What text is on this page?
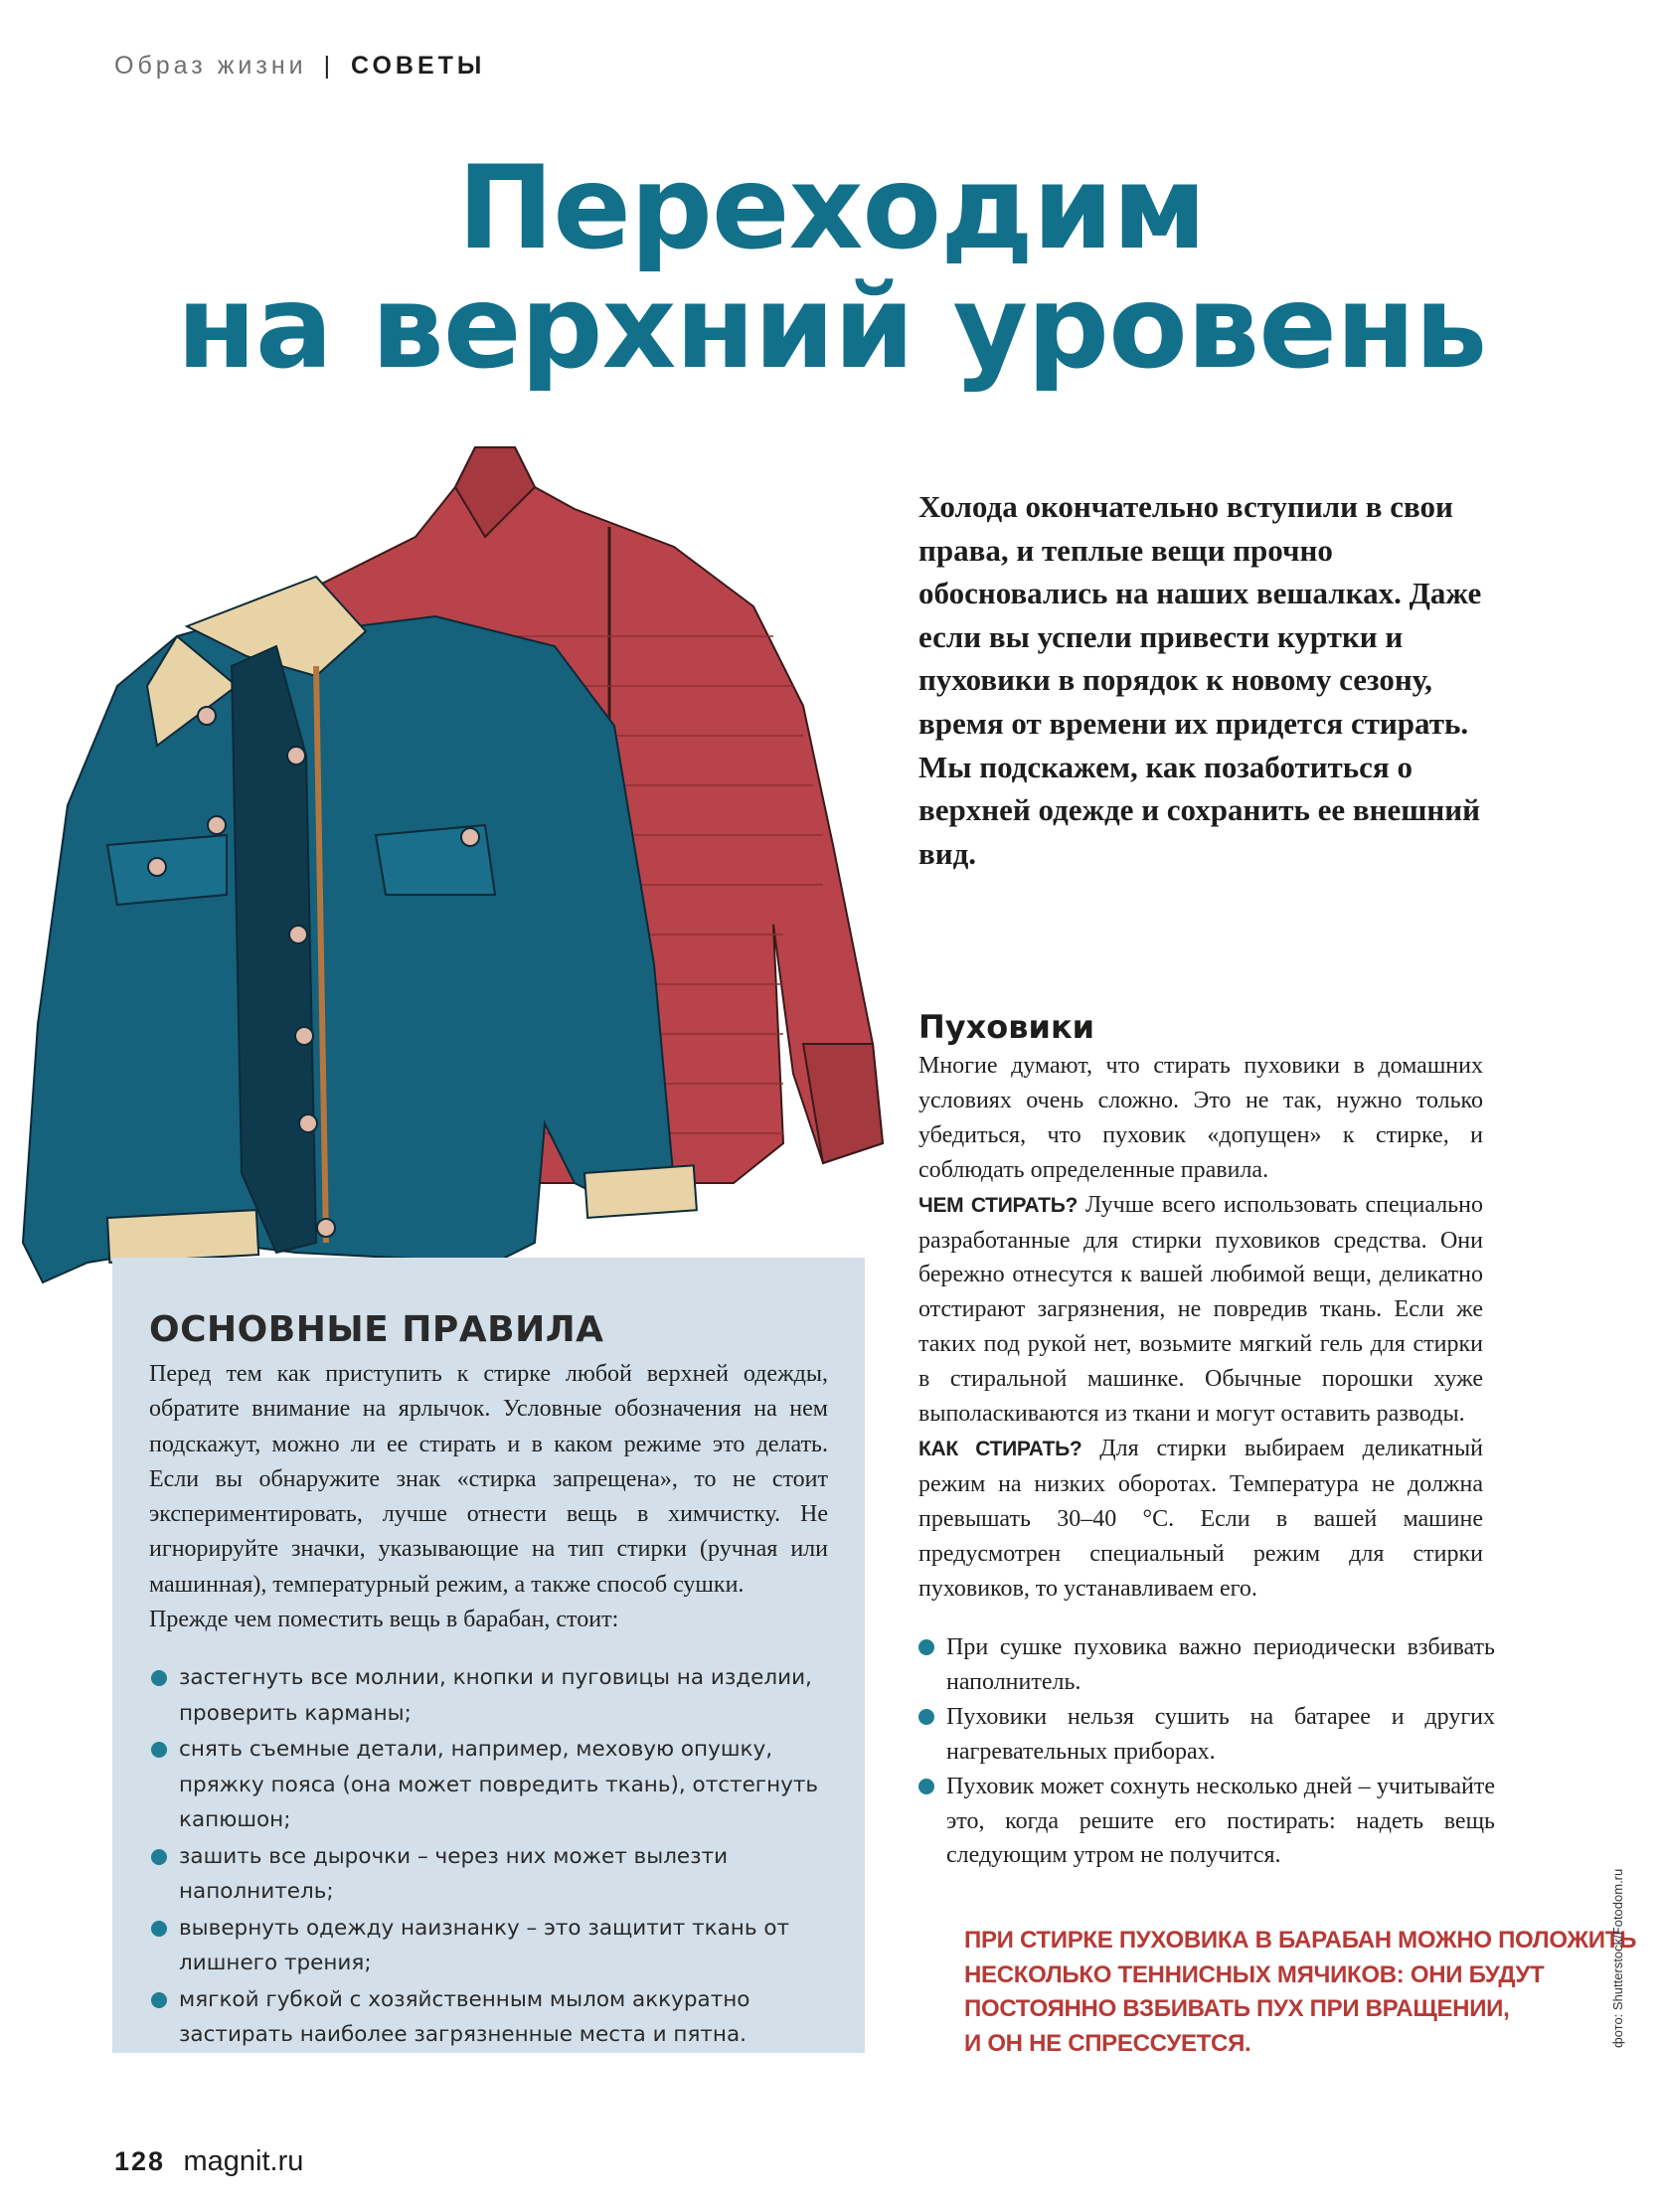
Образ жизни | СОВЕТЫ
Переходим
на верхний уровень

Холода окончательно вступили в свои права, и теплые вещи прочно обосновались на наших вешалках. Даже если вы успели привести куртки и пуховики в порядок к новому сезону, время от времени их придется стирать. Мы подскажем, как позаботиться о верхней одежде и сохранить ее внешний вид.

ОСНОВНЫЕ ПРАВИЛА

Перед тем как приступить к стирке любой верхней одежды, обратите внимание на ярлычок. Условные обозначения на нем подскажут, можно ли ее стирать и в каком режиме это делать. Если вы обнаружите знак «стирка запрещена», то не стоит экспериментировать, лучше отнести вещь в химчистку. Не игнорируйте значки, указывающие на тип стирки (ручная или машинная), температурный режим, а также способ сушки.

Прежде чем поместить вещь в барабан, стоит:

застегнуть все молнии, кнопки и пуговицы на изделии, проверить карманы;
снять съемные детали, например, меховую опушку, пряжку пояса (она может повредить ткань), отстегнуть капюшон;
зашить все дырочки – через них может вылезти наполнитель;
вывернуть одежду наизнанку – это защитит ткань от лишнего трения;
мягкой губкой с хозяйственным мылом аккуратно застирать наиболее загрязненные места и пятна.
Пуховики

Многие думают, что стирать пуховики в домашних условиях очень сложно. Это не так, нужно только убедиться, что пуховик «допущен» к стирке, и соблюдать определенные правила.

ЧЕМ СТИРАТЬ? Лучше всего использовать специально разработанные для стирки пуховиков средства. Они бережно отнесутся к вашей любимой вещи, деликатно отстирают загрязнения, не повредив ткань. Если же таких под рукой нет, возьмите мягкий гель для стирки в стиральной машинке. Обычные порошки хуже выполаскиваются из ткани и могут оставить разводы.

КАК СТИРАТЬ? Для стирки выбираем деликатный режим на низких оборотах. Температура не должна превышать 30–40 °С. Если в вашей машине предусмотрен специальный режим для стирки пуховиков, то устанавливаем его.

При сушке пуховика важно периодически взбивать наполнитель.
Пуховики нельзя сушить на батарее и других нагревательных приборах.
Пуховик может сохнуть несколько дней – учитывайте это, когда решите его постирать: надеть вещь следующим утром не получится.
ПРИ СТИРКЕ ПУХОВИКА В БАРАБАН МОЖНО ПОЛОЖИТЬ
НЕСКОЛЬКО ТЕННИСНЫХ МЯЧИКОВ: ОНИ БУДУТ
ПОСТОЯННО ВЗБИВАТЬ ПУХ ПРИ ВРАЩЕНИИ,
И ОН НЕ СПРЕССУЕТСЯ.	фото: Shutterstock/Fotodom.ru
128 magnit.ru
